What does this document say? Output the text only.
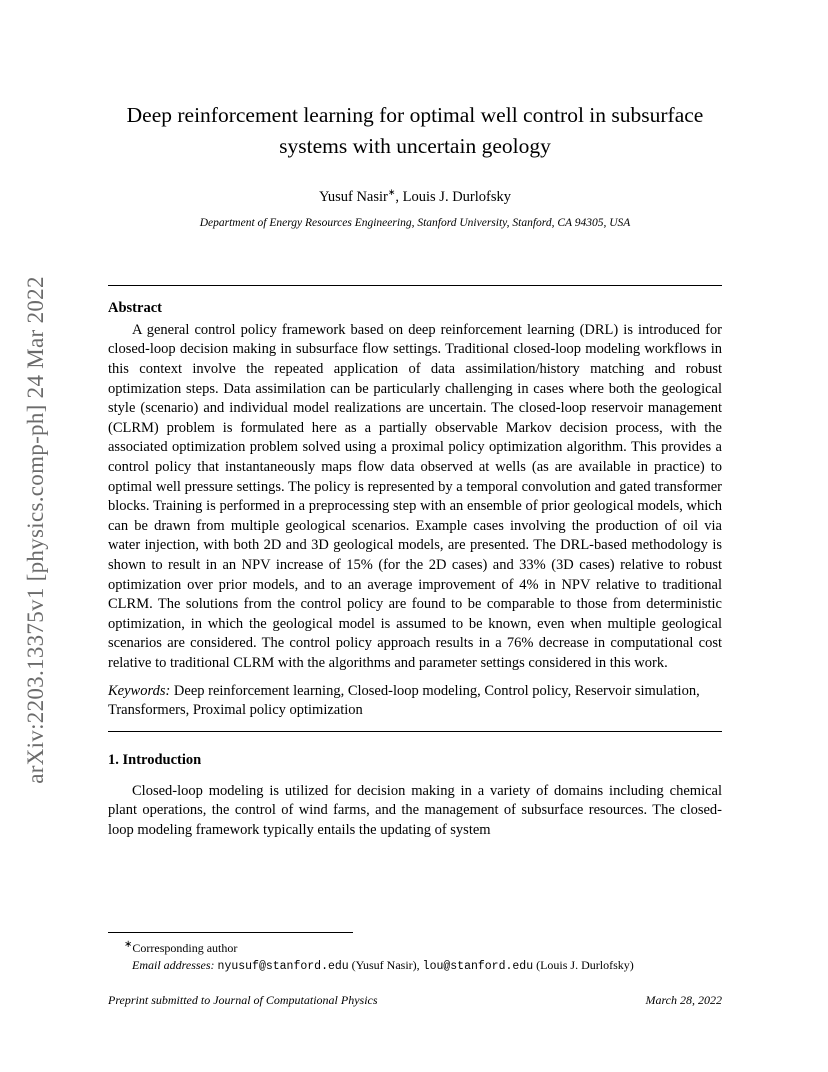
arXiv:2203.13375v1 [physics.comp-ph] 24 Mar 2022
Deep reinforcement learning for optimal well control in subsurface systems with uncertain geology

Yusuf Nasir∗, Louis J. Durlofsky

Department of Energy Resources Engineering, Stanford University, Stanford, CA 94305, USA

Abstract

A general control policy framework based on deep reinforcement learning (DRL) is introduced for closed-loop decision making in subsurface flow settings. Traditional closed-loop modeling workflows in this context involve the repeated application of data assimilation/history matching and robust optimization steps. Data assimilation can be particularly challenging in cases where both the geological style (scenario) and individual model realizations are uncertain. The closed-loop reservoir management (CLRM) problem is formulated here as a partially observable Markov decision process, with the associated optimization problem solved using a proximal policy optimization algorithm. This provides a control policy that instantaneously maps flow data observed at wells (as are available in practice) to optimal well pressure settings. The policy is represented by a temporal convolution and gated transformer blocks. Training is performed in a preprocessing step with an ensemble of prior geological models, which can be drawn from multiple geological scenarios. Example cases involving the production of oil via water injection, with both 2D and 3D geological models, are presented. The DRL-based methodology is shown to result in an NPV increase of 15% (for the 2D cases) and 33% (3D cases) relative to robust optimization over prior models, and to an average improvement of 4% in NPV relative to traditional CLRM. The solutions from the control policy are found to be comparable to those from deterministic optimization, in which the geological model is assumed to be known, even when multiple geological scenarios are considered. The control policy approach results in a 76% decrease in computational cost relative to traditional CLRM with the algorithms and parameter settings considered in this work.

Keywords: Deep reinforcement learning, Closed-loop modeling, Control policy, Reservoir simulation, Transformers, Proximal policy optimization

1. Introduction

Closed-loop modeling is utilized for decision making in a variety of domains including chemical plant operations, the control of wind farms, and the management of subsurface resources. The closed-loop modeling framework typically entails the updating of system

∗Corresponding author
Email addresses: nyusuf@stanford.edu (Yusuf Nasir), lou@stanford.edu (Louis J. Durlofsky)
Preprint submitted to Journal of Computational Physics	March 28, 2022
